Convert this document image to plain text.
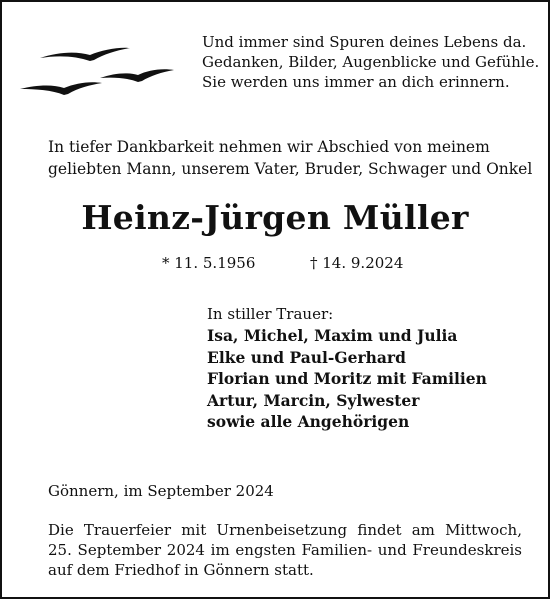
Und immer sind Spuren deines Lebens da.
Gedanken, Bilder, Augenblicke und Gefühle.
Sie werden uns immer an dich erinnern.
In tiefer Dankbarkeit nehmen wir Abschied von meinem
geliebten Mann, unserem Vater, Bruder, Schwager und Onkel
Heinz-Jürgen Müller
* 11. 5.1956	† 14. 9.2024
In stiller Trauer:
Isa, Michel, Maxim und Julia
Elke und Paul-Gerhard
Florian und Moritz mit Familien
Artur, Marcin, Sylwester
sowie alle Angehörigen
Gönnern, im September 2024
Die Trauerfeier mit Urnenbeisetzung findet am Mittwoch,
25. September 2024 im engsten Familien- und Freundeskreis
auf dem Friedhof in Gönnern statt.
